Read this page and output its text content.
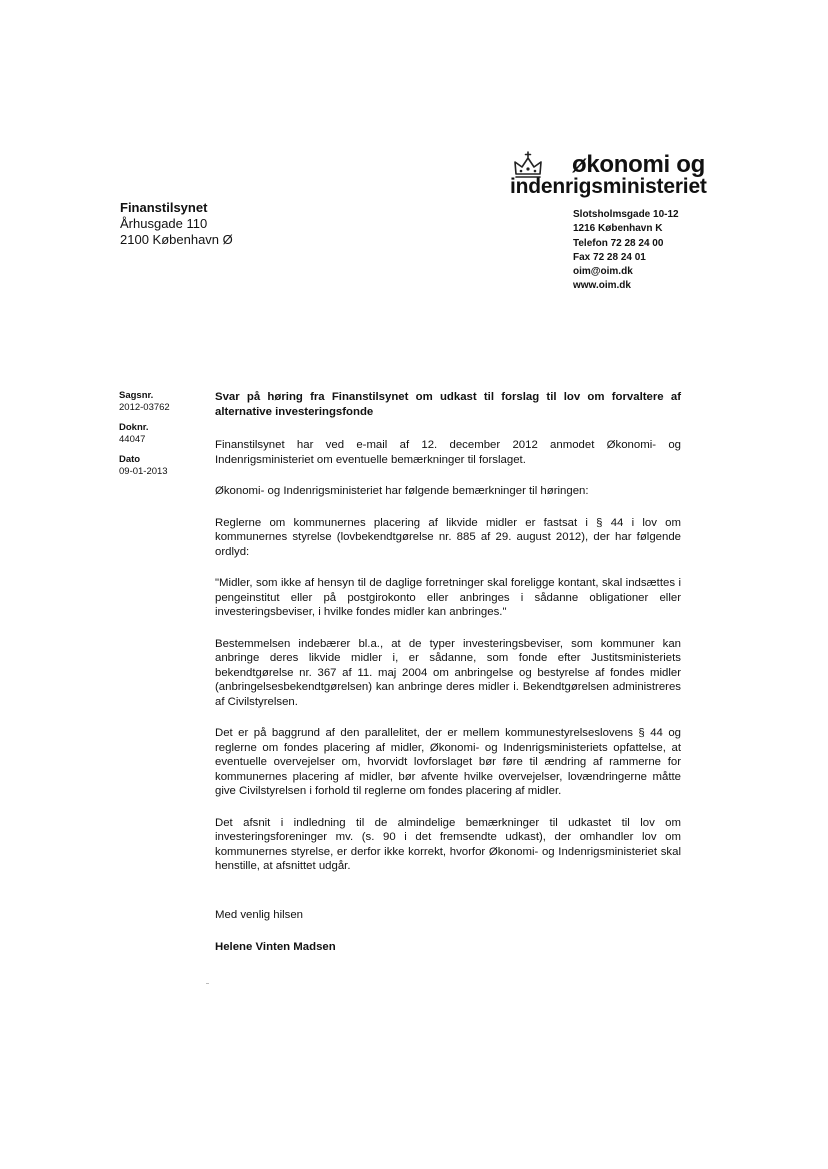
økonomi og
indenrigsministeriet
Finanstilsynet
Århusgade 110
2100 København Ø
Slotsholmsgade 10-12
1216 København K
Telefon 72 28 24 00
Fax 72 28 24 01
oim@oim.dk
www.oim.dk
Sagsnr.
2012-03762
Doknr.
44047
Dato
09-01-2013

Svar på høring fra Finanstilsynet om udkast til forslag til lov om forvaltere af alternative investeringsfonde

Finanstilsynet har ved e-mail af 12. december 2012 anmodet Økonomi- og Indenrigsministeriet om eventuelle bemærkninger til forslaget.

Økonomi- og Indenrigsministeriet har følgende bemærkninger til høringen:

Reglerne om kommunernes placering af likvide midler er fastsat i § 44 i lov om kommunernes styrelse (lovbekendtgørelse nr. 885 af 29. august 2012), der har følgende ordlyd:

"Midler, som ikke af hensyn til de daglige forretninger skal foreligge kontant, skal indsættes i pengeinstitut eller på postgirokonto eller anbringes i sådanne obligationer eller investeringsbeviser, i hvilke fondes midler kan anbringes."

Bestemmelsen indebærer bl.a., at de typer investeringsbeviser, som kommuner kan anbringe deres likvide midler i, er sådanne, som fonde efter Justitsministeriets bekendtgørelse nr. 367 af 11. maj 2004 om anbringelse og bestyrelse af fondes midler (anbringelsesbekendtgørelsen) kan anbringe deres midler i. Bekendtgørelsen administreres af Civilstyrelsen.

Det er på baggrund af den parallelitet, der er mellem kommunestyrelseslovens § 44 og reglerne om fondes placering af midler, Økonomi- og Indenrigsministeriets opfattelse, at eventuelle overvejelser om, hvorvidt lovforslaget bør føre til ændring af rammerne for kommunernes placering af midler, bør afvente hvilke overvejelser, lovændringerne måtte give Civilstyrelsen i forhold til reglerne om fondes placering af midler.

Det afsnit i indledning til de almindelige bemærkninger til udkastet til lov om investeringsforeninger mv. (s. 90 i det fremsendte udkast), der omhandler lov om kommunernes styrelse, er derfor ikke korrekt, hvorfor Økonomi- og Indenrigsministeriet skal henstille, at afsnittet udgår.

Med venlig hilsen

Helene Vinten Madsen
